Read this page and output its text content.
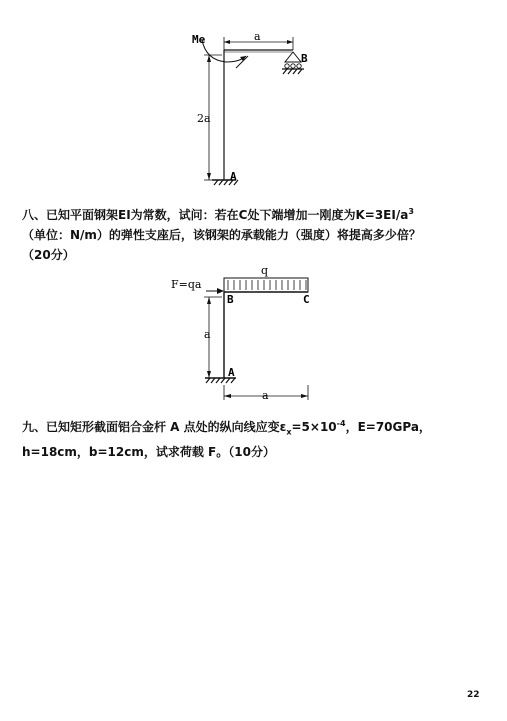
Me	a
2a
B
A
八、已知平面钢架EI为常数，试问：若在C处下端增加一刚度为$K=3EI/a^3$
（单位：N/m）的弹性支座后，该钢架的承载能力（强度）将提高多少倍？
（20分）
q
F=qa
B	C
a
A
a
九、已知矩形截面铝合金杆 A 点处的纵向线应变$\varepsilon_x=5\times 10^{-4}$，E=70GPa，
h=18cm，b=12cm，试求荷载 F。（10分）
22
